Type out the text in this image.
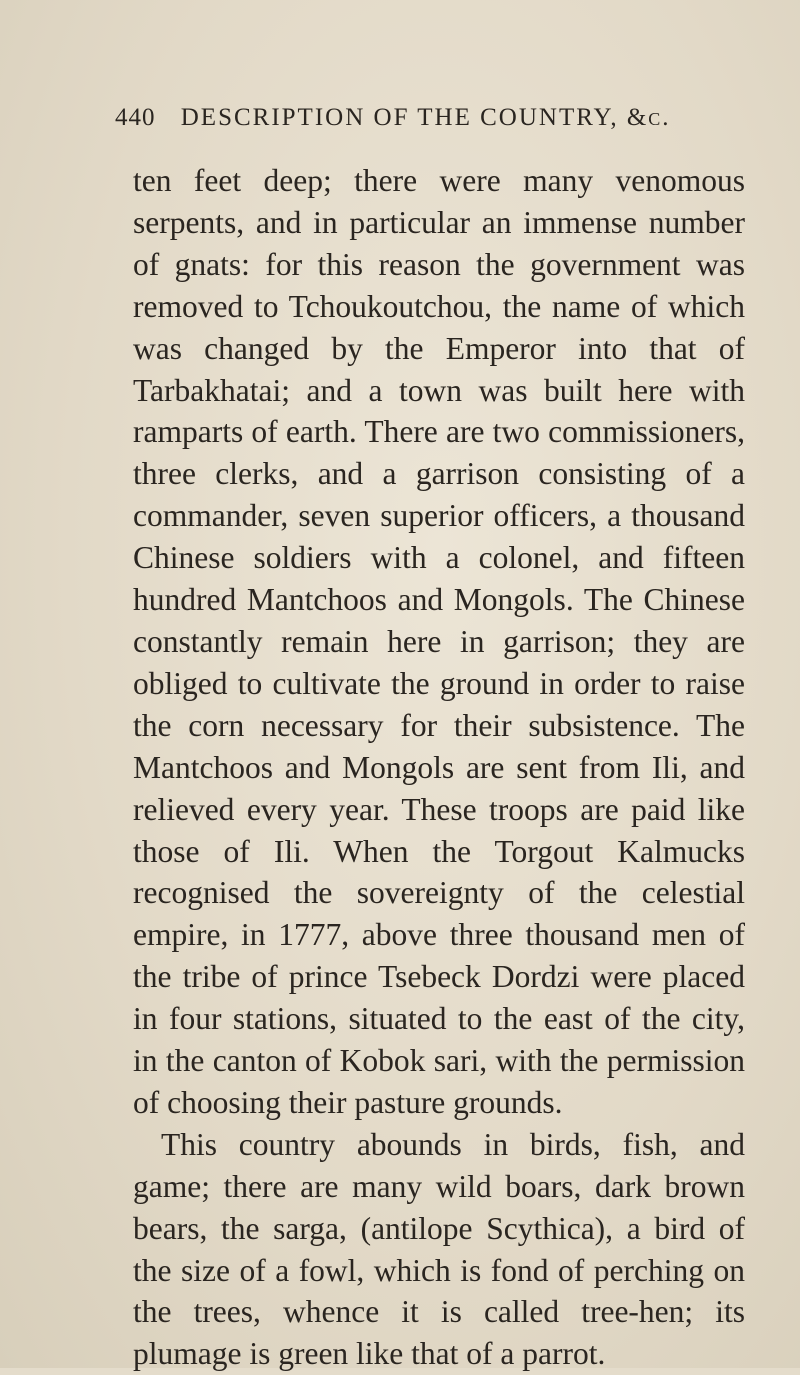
440 DESCRIPTION OF THE COUNTRY, &c.

ten feet deep; there were many venomous serpents, and in particular an immense number of gnats: for this reason the government was removed to Tchoukoutchou, the name of which was changed by the Emperor into that of Tarbakhatai; and a town was built here with ramparts of earth. There are two commissioners, three clerks, and a garrison consisting of a commander, seven superior officers, a thousand Chinese soldiers with a colonel, and fifteen hundred Mantchoos and Mongols. The Chinese constantly remain here in garrison; they are obliged to cultivate the ground in order to raise the corn necessary for their subsistence. The Mantchoos and Mongols are sent from Ili, and relieved every year. These troops are paid like those of Ili. When the Torgout Kalmucks recognised the sovereignty of the celestial empire, in 1777, above three thousand men of the tribe of prince Tsebeck Dordzi were placed in four stations, situated to the east of the city, in the canton of Kobok sari, with the permission of choosing their pasture grounds.

This country abounds in birds, fish, and game; there are many wild boars, dark brown bears, the sarga, (antilope Scythica), a bird of the size of a fowl, which is fond of perching on the trees, whence it is called tree-hen; its plumage is green like that of a parrot.
